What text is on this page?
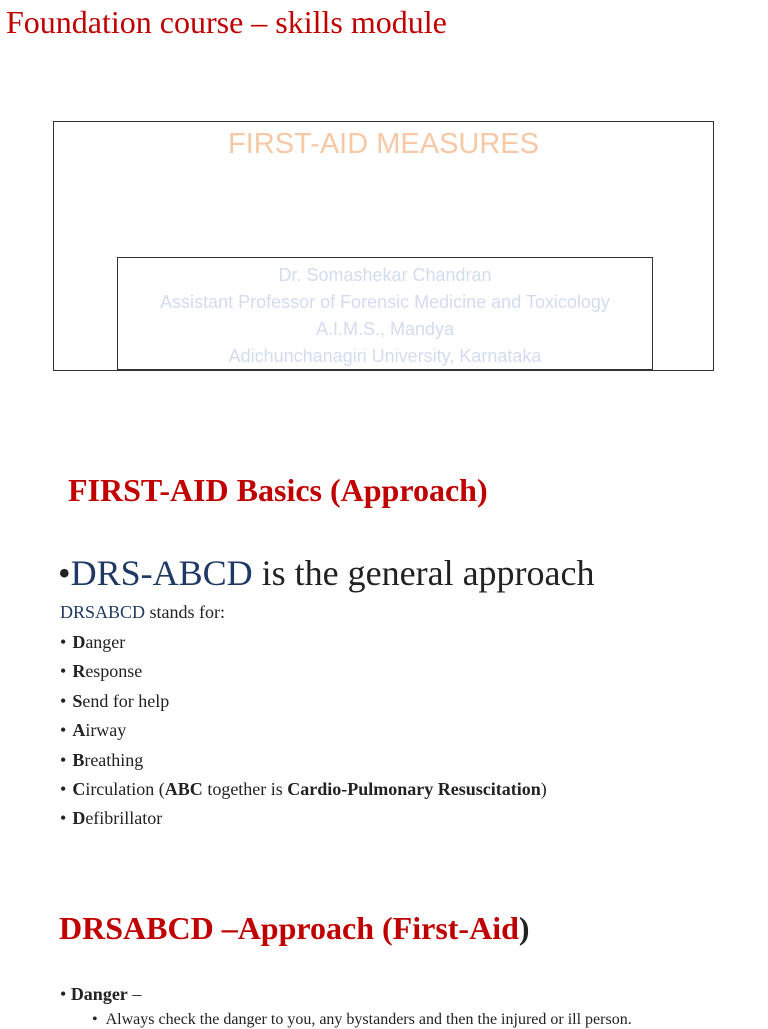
Foundation course – skills module
FIRST-AID MEASURES
Dr. Somashekar Chandran
Assistant Professor of Forensic Medicine and Toxicology
A.I.M.S., Mandya
Adichunchanagiri University, Karnataka
FIRST-AID Basics (Approach)
•DRS-ABCD is the general approach
DRSABCD stands for:
• Danger
• Response
• Send for help
• Airway
• Breathing
• Circulation (ABC together is Cardio-Pulmonary Resuscitation)
• Defibrillator
DRSABCD –Approach (First-Aid)
• Danger –
• Always check the danger to you, any bystanders and then the injured or ill person.
